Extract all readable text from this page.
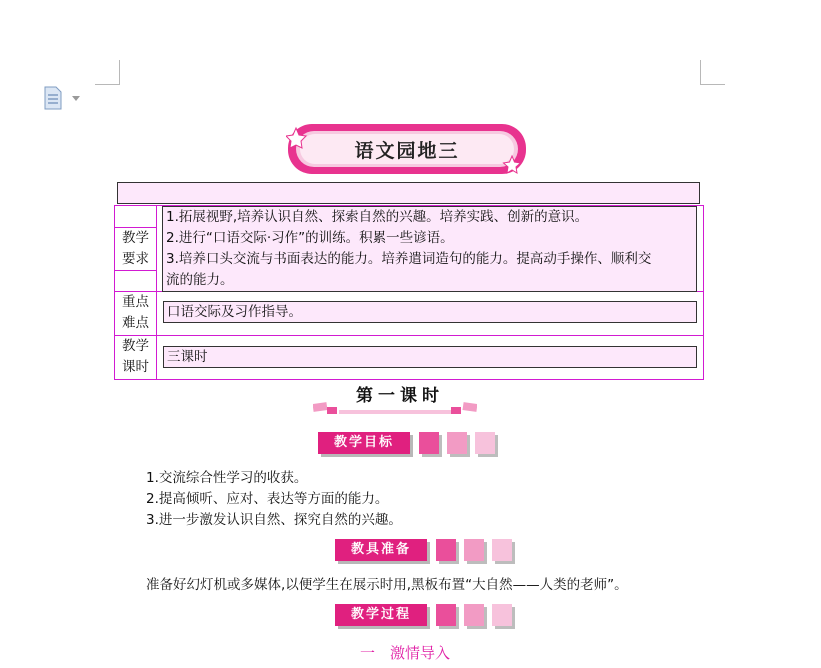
语文园地三
教学
要求
1.拓展视野,培养认识自然、探索自然的兴趣。培养实践、创新的意识。
2.进行“口语交际·习作”的训练。积累一些谚语。
3.培养口头交流与书面表达的能力。培养遣词造句的能力。提高动手操作、顺利交
流的能力。
重点
难点
口语交际及习作指导。
教学
课时
三课时
第一课时
教学目标
1.交流综合性学习的收获。
2.提高倾听、应对、表达等方面的能力。
3.进一步激发认识自然、探究自然的兴趣。
教具准备
准备好幻灯机或多媒体,以便学生在展示时用,黑板布置“大自然——人类的老师”。
教学过程
一　激情导入
